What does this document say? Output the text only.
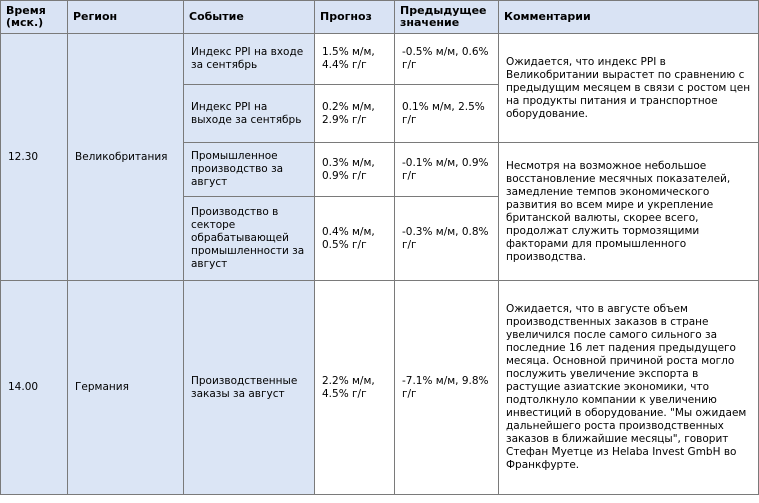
Время (мск.)	Регион	Событие	Прогноз	Предыдущее значение	Комментарии
12.30	Великобритания	Индекс PPI на входе за сентябрь	1.5% м/м, 4.4% г/г	-0.5% м/м, 0.6% г/г	Ожидается, что индекс PPI в Великобритании вырастет по сравнению с предыдущим месяцем в связи с ростом цен на продукты питания и транспортное оборудование.
		Индекс PPI на выходе за сентябрь	0.2% м/м, 2.9% г/г	0.1% м/м, 2.5% г/г	
		Промышленное производство за август	0.3% м/м, 0.9% г/г	-0.1% м/м, 0.9% г/г	Несмотря на возможное небольшое восстановление месячных показателей, замедление темпов экономического развития во всем мире и укрепление британской валюты, скорее всего, продолжат служить тормозящими факторами для промышленного производства.
		Производство в секторе обрабатывающей промышленности за август	0.4% м/м, 0.5% г/г	-0.3% м/м, 0.8% г/г	
14.00	Германия	Производственные заказы за август	2.2% м/м, 4.5% г/г	-7.1% м/м, 9.8% г/г	Ожидается, что в августе объем производственных заказов в стране увеличился после самого сильного за последние 16 лет падения предыдущего месяца. Основной причиной роста могло послужить увеличение экспорта в растущие азиатские экономики, что подтолкнуло компании к увеличению инвестиций в оборудование. "Мы ожидаем дальнейшего роста производственных заказов в ближайшие месяцы", говорит Стефан Муетце из Helaba Invest GmbH во Франкфурте.
